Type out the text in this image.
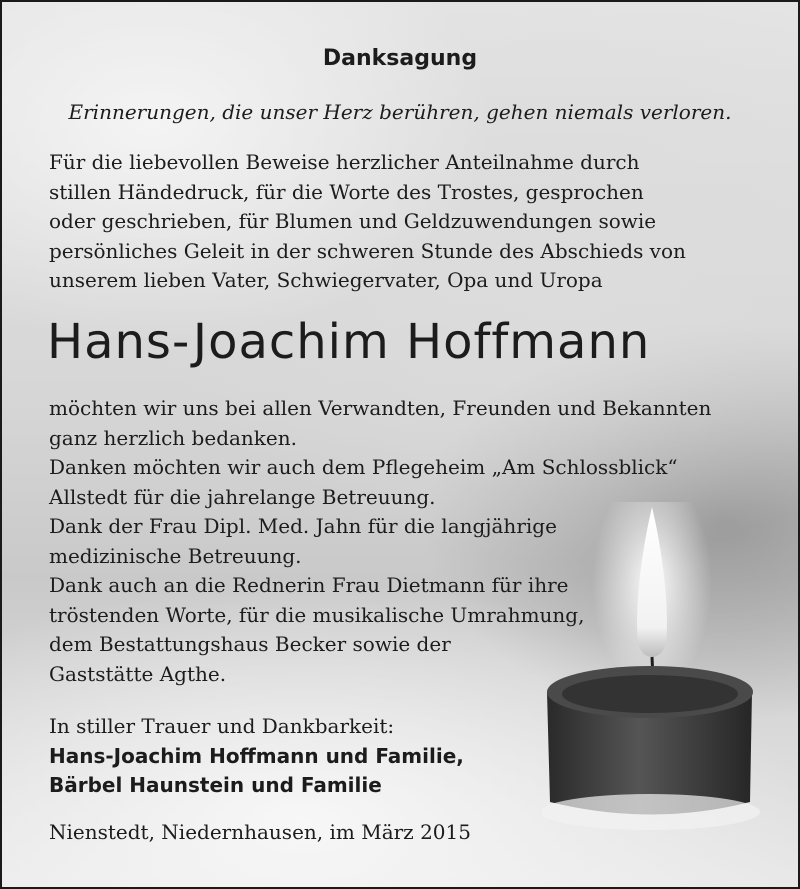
Danksagung
Erinnerungen, die unser Herz berühren, gehen niemals verloren.
Für die liebevollen Beweise herzlicher Anteilnahme durch
stillen Händedruck, für die Worte des Trostes, gesprochen
oder geschrieben, für Blumen und Geldzuwendungen sowie
persönliches Geleit in der schweren Stunde des Abschieds von
unserem lieben Vater, Schwiegervater, Opa und Uropa
Hans-Joachim Hoffmann
möchten wir uns bei allen Verwandten, Freunden und Bekannten
ganz herzlich bedanken.
Danken möchten wir auch dem Pflegeheim „Am Schlossblick“
Allstedt für die jahrelange Betreuung.
Dank der Frau Dipl. Med. Jahn für die langjährige
medizinische Betreuung.
Dank auch an die Rednerin Frau Dietmann für ihre
tröstenden Worte, für die musikalische Umrahmung,
dem Bestattungshaus Becker sowie der
Gaststätte Agthe.
In stiller Trauer und Dankbarkeit:
Hans-Joachim Hoffmann und Familie,
Bärbel Haunstein und Familie
Nienstedt, Niedernhausen, im März 2015
